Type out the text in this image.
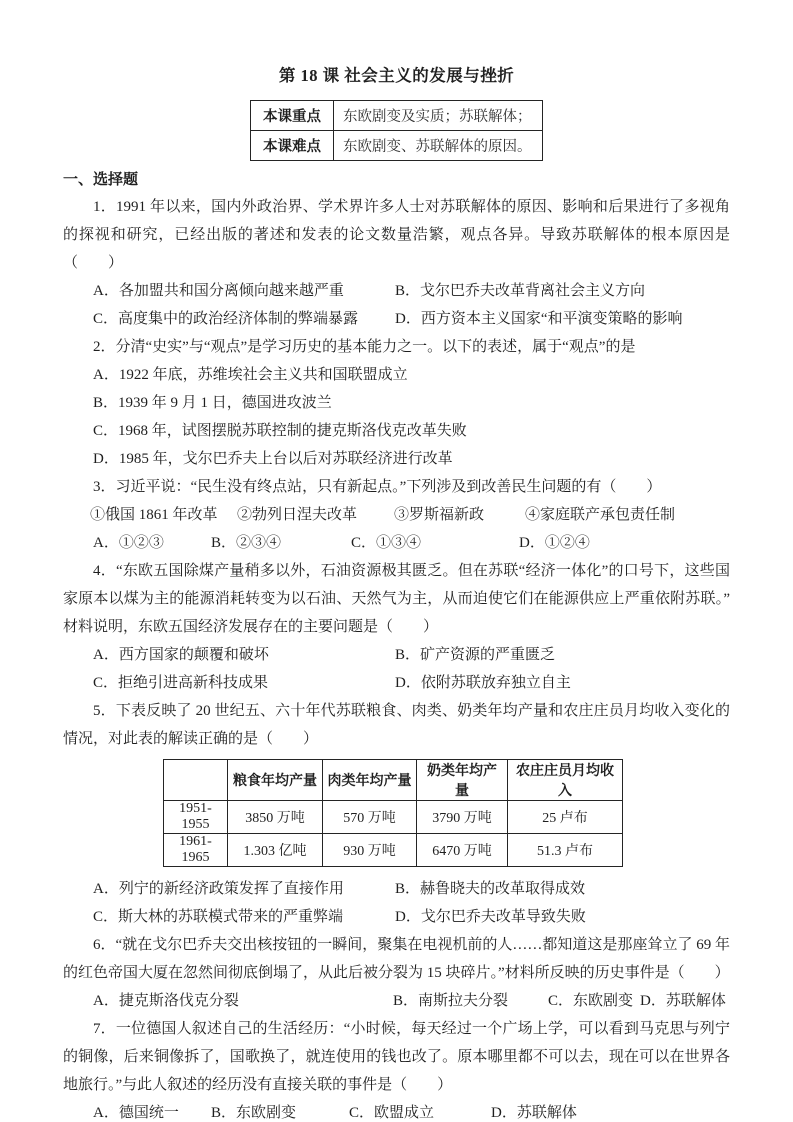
第 18 课 社会主义的发展与挫折
本课重点	东欧剧变及实质；苏联解体；
本课难点	东欧剧变、苏联解体的原因。
一、选择题

1．1991 年以来，国内外政治界、学术界许多人士对苏联解体的原因、影响和后果进行了多视角的探视和研究，已经出版的著述和发表的论文数量浩繁，观点各异。导致苏联解体的根本原因是（　　）

A．各加盟共和国分离倾向越来越严重	B．戈尔巴乔夫改革背离社会主义方向
C．高度集中的政治经济体制的弊端暴露	D．西方资本主义国家“和平演变策略的影响

2．分清“史实”与“观点”是学习历史的基本能力之一。以下的表述，属于“观点”的是

A．1922 年底，苏维埃社会主义共和国联盟成立
B．1939 年 9 月 1 日，德国进攻波兰
C．1968 年，试图摆脱苏联控制的捷克斯洛伐克改革失败
D．1985 年，戈尔巴乔夫上台以后对苏联经济进行改革

3．习近平说：“民生没有终点站，只有新起点。”下列涉及到改善民生问题的有（　　）

①俄国 1861 年改革	②勃列日涅夫改革	③罗斯福新政	④家庭联产承包责任制
A．①②③	B．②③④	C．①③④	D．①②④

4．“东欧五国除煤产量稍多以外，石油资源极其匮乏。但在苏联“经济一体化”的口号下，这些国家原本以煤为主的能源消耗转变为以石油、天然气为主，从而迫使它们在能源供应上严重依附苏联。”材料说明，东欧五国经济发展存在的主要问题是（　　）

A．西方国家的颠覆和破坏	B．矿产资源的严重匮乏
C．拒绝引进高新科技成果	D．依附苏联放弃独立自主

5．下表反映了 20 世纪五、六十年代苏联粮食、肉类、奶类年均产量和农庄庄员月均收入变化的情况，对此表的解读正确的是（　　）

	粮食年均产量	肉类年均产量	奶类年均产量	农庄庄员月均收入
1951-1955	3850 万吨	570 万吨	3790 万吨	25 卢布
1961-1965	1.303 亿吨	930 万吨	6470 万吨	51.3 卢布
A．列宁的新经济政策发挥了直接作用	B．赫鲁晓夫的改革取得成效
C．斯大林的苏联模式带来的严重弊端	D．戈尔巴乔夫改革导致失败

6．“就在戈尔巴乔夫交出核按钮的一瞬间，聚集在电视机前的人……都知道这是那座耸立了 69 年的红色帝国大厦在忽然间彻底倒塌了，从此后被分裂为 15 块碎片。”材料所反映的历史事件是（　　）

A．捷克斯洛伐克分裂	B．南斯拉夫分裂	C．东欧剧变 D．苏联解体

7．一位德国人叙述自己的生活经历：“小时候，每天经过一个广场上学，可以看到马克思与列宁的铜像，后来铜像拆了，国歌换了，就连使用的钱也改了。原本哪里都不可以去，现在可以在世界各地旅行。”与此人叙述的经历没有直接关联的事件是（　　）

A．德国统一	B．东欧剧变	C．欧盟成立	D．苏联解体
